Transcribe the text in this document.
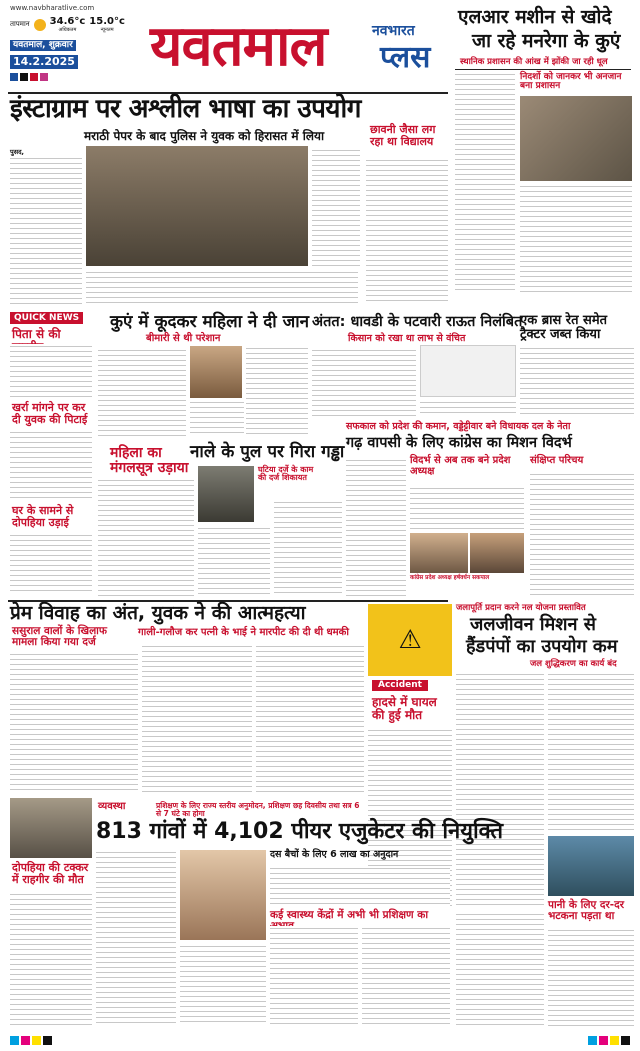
www.navbharatlive.com
तापमान 34.6°c
अधिकतम
15.0°c
न्यूनतम
यवतमाल, शुक्रवार
14.2.2025 यवतमाल	नवभारत
प्लस
एलआर मशीन से खोदे
जा रहे मनरेगा के कुएं
स्थानिक प्रशासन की आंख में झोंकी जा रही धूल
निदर्शो को जानकर भी अनजान बना प्रशासन
इंस्टाग्राम पर अश्लील भाषा का उपयोग
मराठी पेपर के बाद पुलिस ने युवक को हिरासत में लिया	छावनी जैसा लग रहा था विद्यालय
पुसद,
QUICK NEWS
पिता से की
खर्रा मांगने पर कर दी युवक की पिटाई
घर के सामने से दोपहिया उड़ाई
कुएं में कूदकर महिला ने दी जान
बीमारी से थी परेशान
अंतत: धावडी के पटवारी राऊत निलंबित
किसान को रखा था लाभ से वंचित
एक ब्रास रेत समेत ट्रैक्टर जब्त किया
महिला का मंगलसूत्र उड़ाया
नाले के पुल पर गिरा गड्ढा
घटिया दर्जे के काम की दर्ज शिकायत
सफकाल को प्रदेश की कमान, वड्डेट्टीवार बने विधायक दल के नेता
गढ़ वापसी के लिए कांग्रेस का मिशन विदर्भ
विदर्भ से अब तक बने प्रदेश अध्यक्ष
संक्षिप्त परिचय
कांग्रेस प्रदेश अध्यक्ष हर्षवर्धन सकपाल
प्रेम विवाह का अंत, युवक ने की आत्महत्या
ससुराल वालों के खिलाफ मामला किया गया दर्ज
गाली-गलौज कर पत्नी के भाई ने मारपीट की दी थी धमकी
जलापूर्ति प्रदान करने नल योजना प्रस्तावित
जलजीवन मिशन से
हैंडपंपों का उपयोग कम
जल शुद्धिकरण का कार्य बंद
⚠
Accident
हादसे में घायल की हुई मौत
दोपहिया की टक्कर में राहगीर की मौत
व्यवस्था	प्रशिक्षण के लिए राज्य स्तरीय अनुमोदन, प्रशिक्षण छह दिवसीय तथा सत्र 6 से 7 घंटे का होगा
813 गांवों में 4,102 पीयर एजुकेटर की नियुक्ति
दस बैचों के लिए 6 लाख का अनुदान
कई स्वास्थ्य केंद्रों में अभी भी प्रशिक्षण का
पानी के लिए दर-दर भटकना पड़ता था
